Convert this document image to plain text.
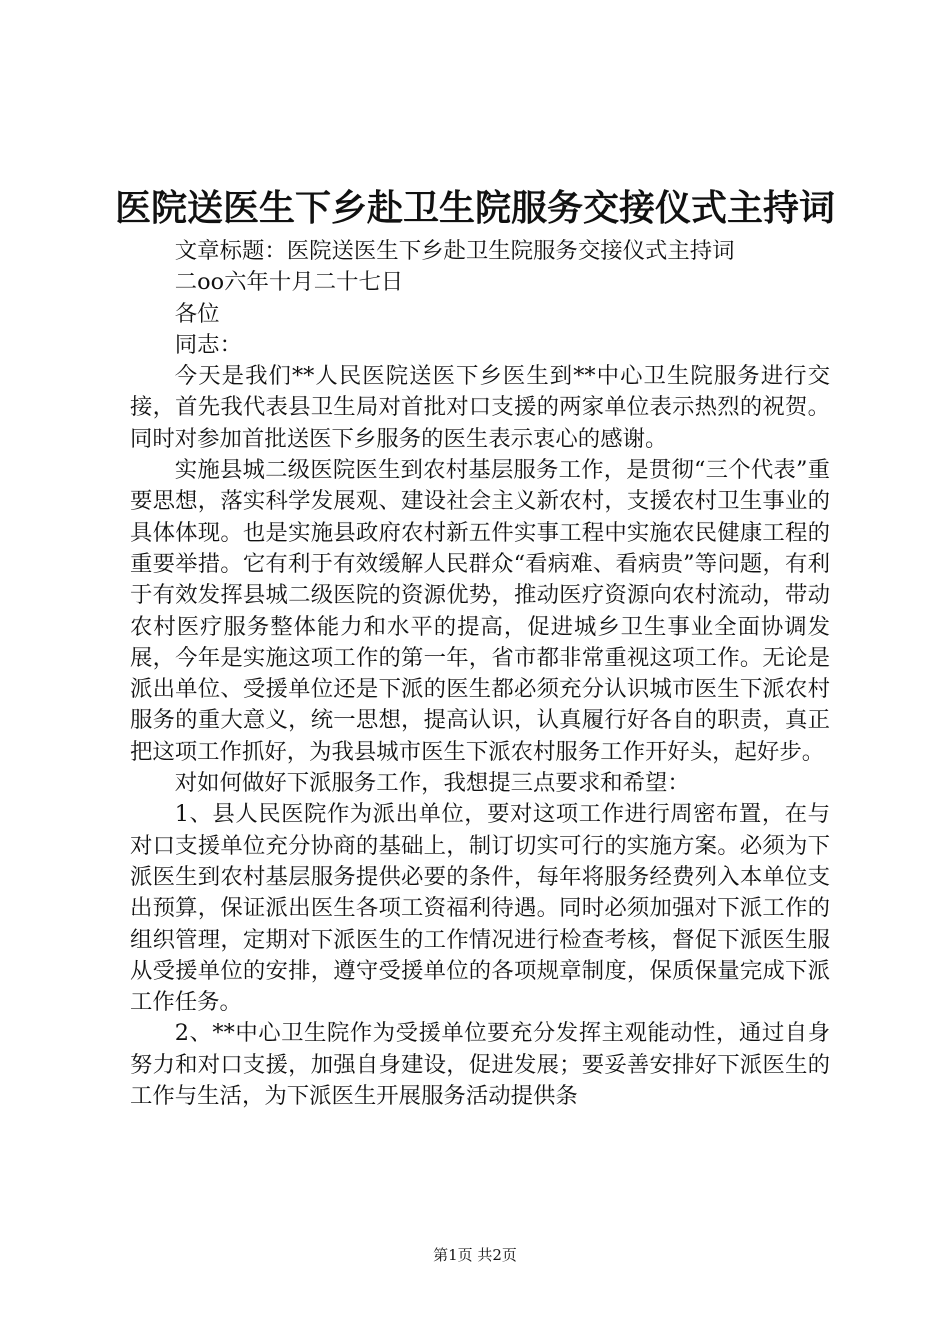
医院送医生下乡赴卫生院服务交接仪式主持词

文章标题：医院送医生下乡赴卫生院服务交接仪式主持词

二oo六年十月二十七日

各位

同志：

今天是我们**人民医院送医下乡医生到**中心卫生院服务进行交接，首先我代表县卫生局对首批对口支援的两家单位表示热烈的祝贺。同时对参加首批送医下乡服务的医生表示衷心的感谢。

实施县城二级医院医生到农村基层服务工作，是贯彻“三个代表”重要思想，落实科学发展观、建设社会主义新农村，支援农村卫生事业的具体体现。也是实施县政府农村新五件实事工程中实施农民健康工程的重要举措。它有利于有效缓解人民群众“看病难、看病贵”等问题，有利于有效发挥县城二级医院的资源优势，推动医疗资源向农村流动，带动农村医疗服务整体能力和水平的提高，促进城乡卫生事业全面协调发展，今年是实施这项工作的第一年，省市都非常重视这项工作。无论是派出单位、受援单位还是下派的医生都必须充分认识城市医生下派农村服务的重大意义，统一思想，提高认识，认真履行好各自的职责，真正把这项工作抓好，为我县城市医生下派农村服务工作开好头，起好步。

对如何做好下派服务工作，我想提三点要求和希望：

1、县人民医院作为派出单位，要对这项工作进行周密布置，在与对口支援单位充分协商的基础上，制订切实可行的实施方案。必须为下派医生到农村基层服务提供必要的条件，每年将服务经费列入本单位支出预算，保证派出医生各项工资福利待遇。同时必须加强对下派工作的组织管理，定期对下派医生的工作情况进行检查考核，督促下派医生服从受援单位的安排，遵守受援单位的各项规章制度，保质保量完成下派工作任务。

2、**中心卫生院作为受援单位要充分发挥主观能动性，通过自身努力和对口支援，加强自身建设，促进发展；要妥善安排好下派医生的工作与生活，为下派医生开展服务活动提供条

第1页 共2页
